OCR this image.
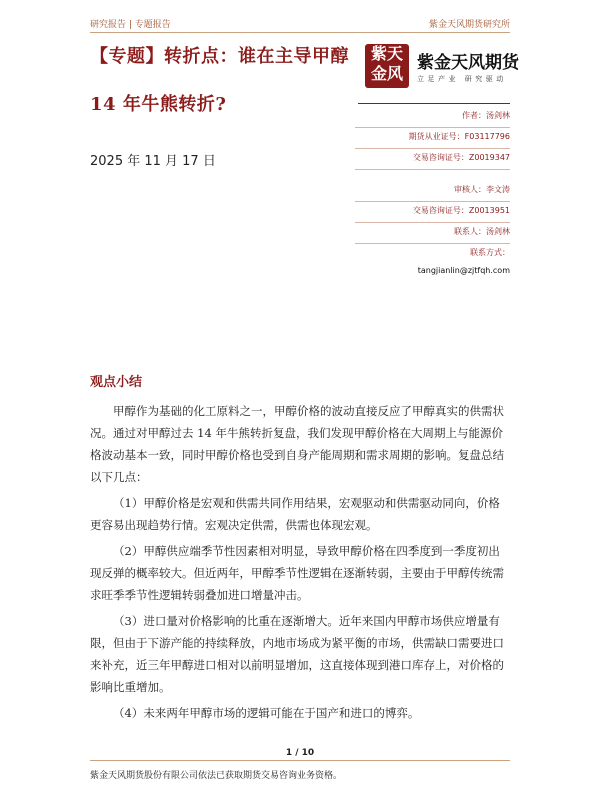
研究报告 | 专题报告	紫金天风期货研究所
【专题】转折点：谁在主导甲醇
14 年牛熊转折?
2025 年 11 月 17 日
紫天
金风
紫金天风期货
立足产业 研究驱动
作者：汤剑林
期货从业证号：F03117796
交易咨询证号：Z0019347
审核人：李文涛
交易咨询证号：Z0013951
联系人：汤剑林
联系方式：
tangjianlin@zjtfqh.com
观点小结

甲醇作为基础的化工原料之一，甲醇价格的波动直接反应了甲醇真实的供需状况。通过对甲醇过去 14 年牛熊转折复盘，我们发现甲醇价格在大周期上与能源价格波动基本一致，同时甲醇价格也受到自身产能周期和需求周期的影响。复盘总结以下几点：

（1）甲醇价格是宏观和供需共同作用结果，宏观驱动和供需驱动同向，价格更容易出现趋势行情。宏观决定供需，供需也体现宏观。

（2）甲醇供应端季节性因素相对明显，导致甲醇价格在四季度到一季度初出现反弹的概率较大。但近两年，甲醇季节性逻辑在逐渐转弱，主要由于甲醇传统需求旺季季节性逻辑转弱叠加进口增量冲击。

（3）进口量对价格影响的比重在逐渐增大。近年来国内甲醇市场供应增量有限，但由于下游产能的持续释放，内地市场成为紧平衡的市场，供需缺口需要进口来补充，近三年甲醇进口相对以前明显增加，这直接体现到港口库存上，对价格的影响比重增加。

（4）未来两年甲醇市场的逻辑可能在于国产和进口的博弈。

1 / 10
紫金天风期货股份有限公司依法已获取期货交易咨询业务资格。
